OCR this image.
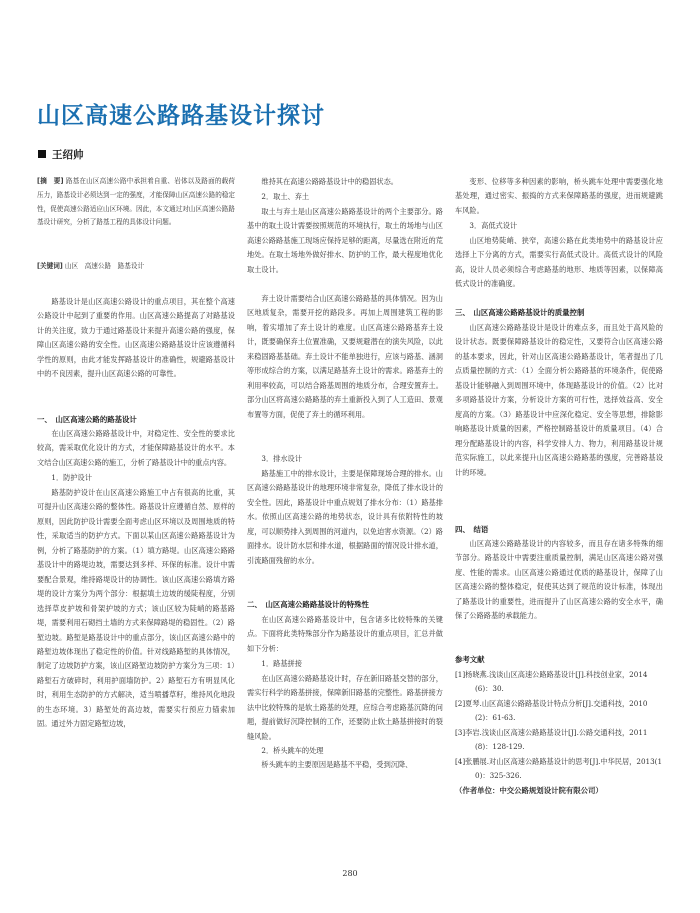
山区高速公路路基设计探讨
王绍帅

[摘　要] 路基在山区高速公路中承担着自重、岩体以及路面的载荷压力，路基设计必须达到一定的强度，才能保障山区高速公路的稳定性，促使高速公路适应山区环境。因此，本文通过对山区高速公路路基设计研究，分析了路基工程的具体设计问题。

[关键词] 山区　高速公路　路基设计

路基设计是山区高速公路设计的重点项目，其在整个高速公路设计中起到了重要的作用。山区高速公路提高了对路基设计的关注度，致力于通过路基设计来提升高速公路的强度，保障山区高速公路的安全性。山区高速公路路基设计应该遵循科学性的原则，由此才能发挥路基设计的准确性，规避路基设计中的不良因素，提升山区高速公路的可靠性。

一、　山区高速公路的路基设计

在山区高速公路路基设计中，对稳定性、安全性的要求比较高，需采取优化设计的方式，才能保障路基设计的水平。本文结合山区高速公路的施工，分析了路基设计中的重点内容。

1．防护设计

路基防护设计在山区高速公路施工中占有很高的比重，其可提升山区高速公路的整体性。路基设计应遵循自然、原样的原则，因此防护设计需要全面考虑山区环境以及周围地质的特性，采取适当的防护方式。下面以某山区高速公路路基设计为例，分析了路基防护的方案。（1）填方路堤。山区高速公路路基设计中的路堤边坡，需要达到多样、环保的标准。设计中需要配合景观，维持路堤设计的协调性。该山区高速公路填方路堤的设计方案分为两个部分：根据填土边坡的缓陡程度，分别选择草皮护坡和骨架护坡的方式；该山区较为陡峭的路基路堤，需要利用石砌挡土墙的方式来保障路堤的稳固性。（2）路堑边坡。路堑是路基设计中的重点部分，该山区高速公路中的路堑边坡体现出了稳定性的价值。针对线路路堑的具体情况，制定了边坡防护方案，该山区路堑边坡防护方案分为三项：1）路堑石方破碎时，利用护面墙防护。2）路堑石方有明显风化时，利用生态防护的方式解决，适当喷播草籽，维持风化地段的生态环境。3）路堑处的高边坡，需要实行预应力锚索加固。通过外力固定路堑边坡，

维持其在高速公路路基设计中的稳固状态。

2．取土、弃土

取土与弃土是山区高速公路路基设计的两个主要部分。路基中的取土设计需要按照规范的环境执行，取土的场地与山区高速公路路基施工现场应保持足够的距离，尽量选在附近的荒地处。在取土场地外做好排水、防护的工作，最大程度地优化取土设计。

弃土设计需要结合山区高速公路路基的具体情况。因为山区地质复杂，需要开挖的路段多。再加上周围建筑工程的影响，着实增加了弃土设计的难度。山区高速公路路基弃土设计，既要确保弃土位置准确，又要规避潜在的演失风险，以此来稳固路基基础。弃土设计不能单独进行，应该与路基、涵洞等形成综合的方案，以满足路基弃土设计的需求。路基弃土的利用率较高，可以结合路基周围的地质分布，合理安置弃土。部分山区将高速公路路基的弃土重新投入到了人工造田、景观布置等方面，促使了弃土的循环利用。

3．排水设计

路基施工中的排水设计，主要是保障现场合理的排水。山区高速公路路基设计的地理环境非常复杂，降低了排水设计的安全性。因此，路基设计中重点规划了排水分布：（1）路基排水。依照山区高速公路的地势状态，设计具有依附特性的坡度，可以顺势排入到周围的河道内，以免迫害水资源。（2）路面排水。设计防水层和排水道，根据路面的情况设计排水道，引流路面残留的水分。

二、　山区高速公路路基设计的特殊性

在山区高速公路路基设计中，包含诸多比较特殊的关键点。下面将此类特殊部分作为路基设计的重点项目，汇总并做如下分析：

1．路基拼接

在山区高速公路路基设计时，存在新旧路基交替的部分，需实行科学的路基拼接，保障新旧路基的完整性。路基拼接方法中比较特殊的是软土路基的处理，应综合考虑路基沉降的问题，提前做好沉降控制的工作，还要防止软土路基拼接时的裂缝风险。

2．桥头跳车的处理

桥头跳车的主要原因是路基不平稳，受到沉降、

变形、位移等多种因素的影响，桥头跳车处理中需要强化地基处理，通过密实、振捣的方式来保障路基的强度，进而规避跳车风险。

3．高低式设计

山区地势陡峭、狭窄，高速公路在此类地势中的路基设计应选择上下分离的方式，需要实行高低式设计。高低式设计的风险高，设计人员必须综合考虑路基的地形、地质等因素，以保障高低式设计的准确度。

三、　山区高速公路路基设计的质量控制

山区高速公路路基设计是设计的难点多，而且处于高风险的设计状态。既要保障路基设计的稳定性，又要符合山区高速公路的基本要求，因此，针对山区高速公路路基设计，笔者提出了几点质量控制的方式：（1）全面分析公路路基的环境条件，促使路基设计能够融入到周围环境中，体现路基设计的价值。（2）比对多项路基设计方案，分析设计方案的可行性，选择效益高、安全度高的方案。（3）路基设计中应深化稳定、安全等思想，排除影响路基设计质量的因素，严格控制路基设计的质量项目。（4）合理分配路基设计的内容，科学安排人力、物力，利用路基设计规范实际施工，以此来提升山区高速公路路基的强度，完善路基设计的环境。

四、　结语

山区高速公路路基设计的内容较多，而且存在诸多特殊的细节部分。路基设计中需要注重质量控制，满足山区高速公路对强度、性能的需求。山区高速公路通过优质的路基设计，保障了山区高速公路的整体稳定，促使其达到了规范的设计标准，体现出了路基设计的重要性，进而提升了山区高速公路的安全水平，确保了公路路基的承载能力。

参考文献

[1]杨晓燕.浅谈山区高速公路路基设计[J].科技创业家，2014(6)：30.

[2]夏琴.山区高速公路路基设计特点分析[J].交通科技，2010(2)：61-63.

[3]李岩.浅谈山区高速公路路基设计[J].公路交通科技，2011(8)：128-129.

[4]张鹏展.对山区高速公路路基设计的思考[J].中华民居，2013(10)：325-326.

（作者单位：中交公路规划设计院有限公司）

280
